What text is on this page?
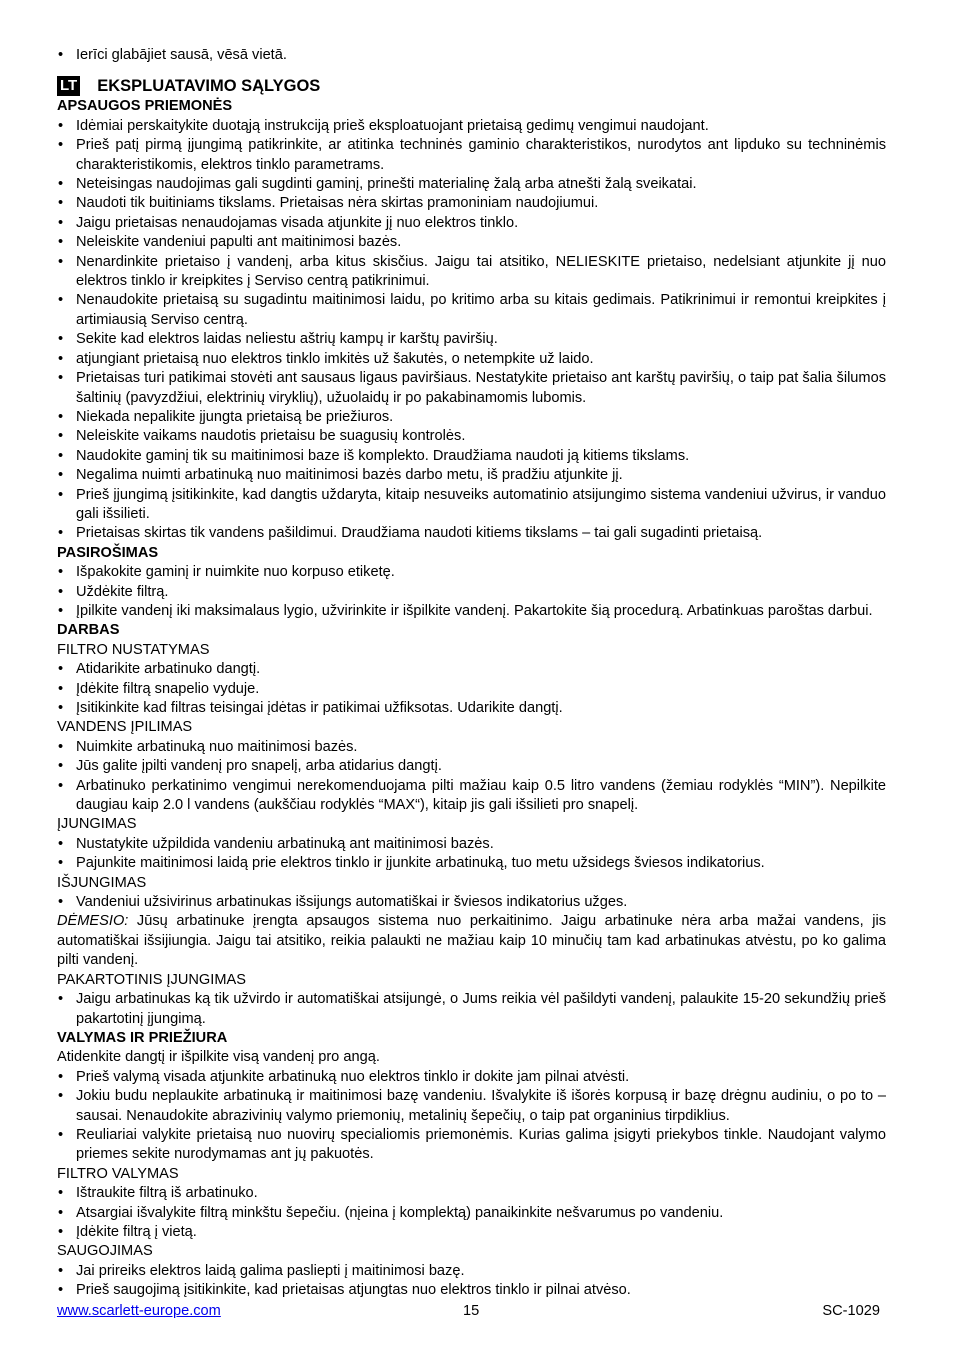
• Ierīci glabājiet sausā, vēsā vietā.
LT EKSPLUATAVIMO SĄLYGOS
APSAUGOS PRIEMONĖS
• Idėmiai perskaitykite duotąją instrukciją prieš eksploatuojant prietaisą gedimų vengimui naudojant.
• Prieš patį pirmą įjungimą patikrinkite, ar atitinka techninės gaminio charakteristikos, nurodytos ant lipduko su techninėmis charakteristikomis, elektros tinklo parametrams.
• Neteisingas naudojimas gali sugdinti gaminį, prinešti materialinę žalą arba atnešti žalą sveikatai.
• Naudoti tik buitiniams tikslams. Prietaisas nėra skirtas pramoniniam naudojiumui.
• Jaigu prietaisas nenaudojamas visada atjunkite jį nuo elektros tinklo.
• Neleiskite vandeniui papulti ant maitinimosi bazės.
• Nenardinkite prietaiso į vandenį, arba kitus skisčius. Jaigu tai atsitiko, NELIESKITE prietaiso, nedelsiant atjunkite jį nuo elektros tinklo ir kreipkites į Serviso centrą patikrinimui.
• Nenaudokite prietaisą su sugadintu maitinimosi laidu, po kritimo arba su kitais gedimais. Patikrinimui ir remontui kreipkites į artimiausią Serviso centrą.
• Sekite kad elektros laidas neliestu aštrių kampų ir karštų paviršių.
• atjungiant prietaisą nuo elektros tinklo imkitės už šakutės, o netempkite už laido.
• Prietaisas turi patikimai stovėti ant sausaus ligaus paviršiaus. Nestatykite prietaiso ant karštų paviršių, o taip pat šalia šilumos šaltinių (pavyzdžiui, elektrinių viryklių), užuolaidų ir po pakabinamomis lubomis.
• Niekada nepalikite įjungta prietaisą be priežiuros.
• Neleiskite vaikams naudotis prietaisu be suagusių kontrolės.
• Naudokite gaminį tik su maitinimosi baze iš komplekto. Draudžiama naudoti ją kitiems tikslams.
• Negalima nuimti arbatinuką nuo maitinimosi bazės darbo metu, iš pradžiu atjunkite jį.
• Prieš įjungimą įsitikinkite, kad dangtis uždaryta, kitaip nesuveiks automatinio atsijungimo sistema vandeniui užvirus, ir vanduo gali išsilieti.
• Prietaisas skirtas tik vandens pašildimui. Draudžiama naudoti kitiems tikslams – tai gali sugadinti prietaisą.
PASIROŠIMAS
• Išpakokite gaminį ir nuimkite nuo korpuso etiketę.
• Uždėkite filtrą.
• Įpilkite vandenį iki maksimalaus lygio, užvirinkite ir išpilkite vandenį. Pakartokite šią procedurą. Arbatinkuas paroštas darbui.
DARBAS
FILTRO NUSTATYMAS
• Atidarikite arbatinuko dangtį.
• Įdėkite filtrą snapelio vyduje.
• Įsitikinkite kad filtras teisingai įdėtas ir patikimai užfiksotas. Udarikite dangtį.
VANDENS ĮPILIMAS
• Nuimkite arbatinuką nuo maitinimosi bazės.
• Jūs galite įpilti vandenį pro snapelį, arba atidarius dangtį.
• Arbatinuko perkatinimo vengimui nerekomenduojama pilti mažiau kaip 0.5 litro vandens (žemiau rodyklės “MIN”). Nepilkite daugiau kaip 2.0 l vandens (aukščiau rodyklės “MAX“), kitaip jis gali išsilieti pro snapelį.
ĮJUNGIMAS
• Nustatykite užpildida vandeniu arbatinuką ant maitinimosi bazės.
• Pajunkite maitinimosi laidą prie elektros tinklo ir įjunkite arbatinuką, tuo metu užsidegs šviesos indikatorius.
IŠJUNGIMAS
• Vandeniui užsivirinus arbatinukas išsijungs automatiškai ir šviesos indikatorius užges.
DĖMESIO: Jūsų arbatinuke įrengta apsaugos sistema nuo perkaitinimo. Jaigu arbatinuke nėra arba mažai vandens, jis automatiškai išsijiungia. Jaigu tai atsitiko, reikia palaukti ne mažiau kaip 10 minučių tam kad arbatinukas atvėstu, po ko galima pilti vandenį.
PAKARTOTINIS ĮJUNGIMAS
• Jaigu arbatinukas ką tik užvirdo ir automatiškai atsijungė, o Jums reikia vėl pašildyti vandenį, palaukite 15-20 sekundžių prieš pakartotinį įjungimą.
VALYMAS IR PRIEŽIURA
Atidenkite dangtį ir išpilkite visą vandenį pro angą.
• Prieš valymą visada atjunkite arbatinuką nuo elektros tinklo ir dokite jam pilnai atvėsti.
• Jokiu budu neplaukite arbatinuką ir maitinimosi bazę vandeniu. Išvalykite iš išorės korpusą ir bazę drėgnu audiniu, o po to – sausai. Nenaudokite abrazivinių valymo priemonių, metalinių šepečių, o taip pat organinius tirpdiklius.
• Reuliariai valykite prietaisą nuo nuovirų specialiomis priemonėmis. Kurias galima įsigyti priekybos tinkle. Naudojant valymo priemes sekite nurodymamas ant jų pakuotės.
FILTRO VALYMAS
• Ištraukite filtrą iš arbatinuko.
• Atsargiai išvalykite filtrą minkštu šepečiu. (nįeina į komplektą) panaikinkite nešvarumus po vandeniu.
• Įdėkite filtrą į vietą.
SAUGOJIMAS
• Jai prireiks elektros laidą galima pasliepti į maitinimosi bazę.
• Prieš saugojimą įsitikinkite, kad prietaisas atjungtas nuo elektros tinklo ir pilnai atvėso.
www.scarlett-europe.com	15	SC-1029
